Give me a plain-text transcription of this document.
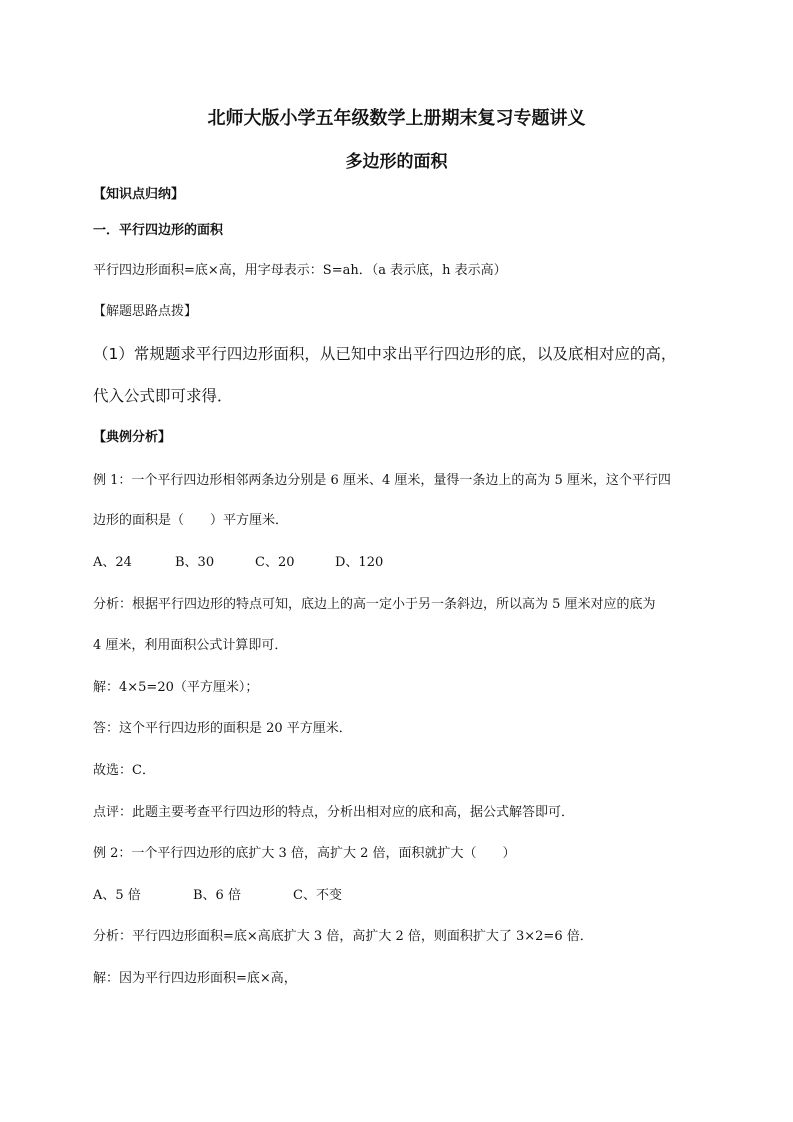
北师大版小学五年级数学上册期末复习专题讲义
多边形的面积
【知识点归纳】
一．平行四边形的面积
平行四边形面积=底×高，用字母表示：S=ah．（a 表示底，h 表示高）
【解题思路点拨】
（1）常规题求平行四边形面积，从已知中求出平行四边形的底，以及底相对应的高，
代入公式即可求得．
【典例分析】
例 1：一个平行四边形相邻两条边分别是 6 厘米、4 厘米，量得一条边上的高为 5 厘米，这个平行四
边形的面积是（　　）平方厘米．
A、24	B、30	C、20	D、120
分析：根据平行四边形的特点可知，底边上的高一定小于另一条斜边，所以高为 5 厘米对应的底为
4 厘米，利用面积公式计算即可．
解：4×5=20（平方厘米）；
答：这个平行四边形的面积是 20 平方厘米．
故选：C．
点评：此题主要考查平行四边形的特点，分析出相对应的底和高，据公式解答即可．
例 2：一个平行四边形的底扩大 3 倍，高扩大 2 倍，面积就扩大（　　）
A、5 倍	B、6 倍	C、不变
分析：平行四边形面积=底×高底扩大 3 倍，高扩大 2 倍，则面积扩大了 3×2=6 倍．
解：因为平行四边形面积=底×高，
